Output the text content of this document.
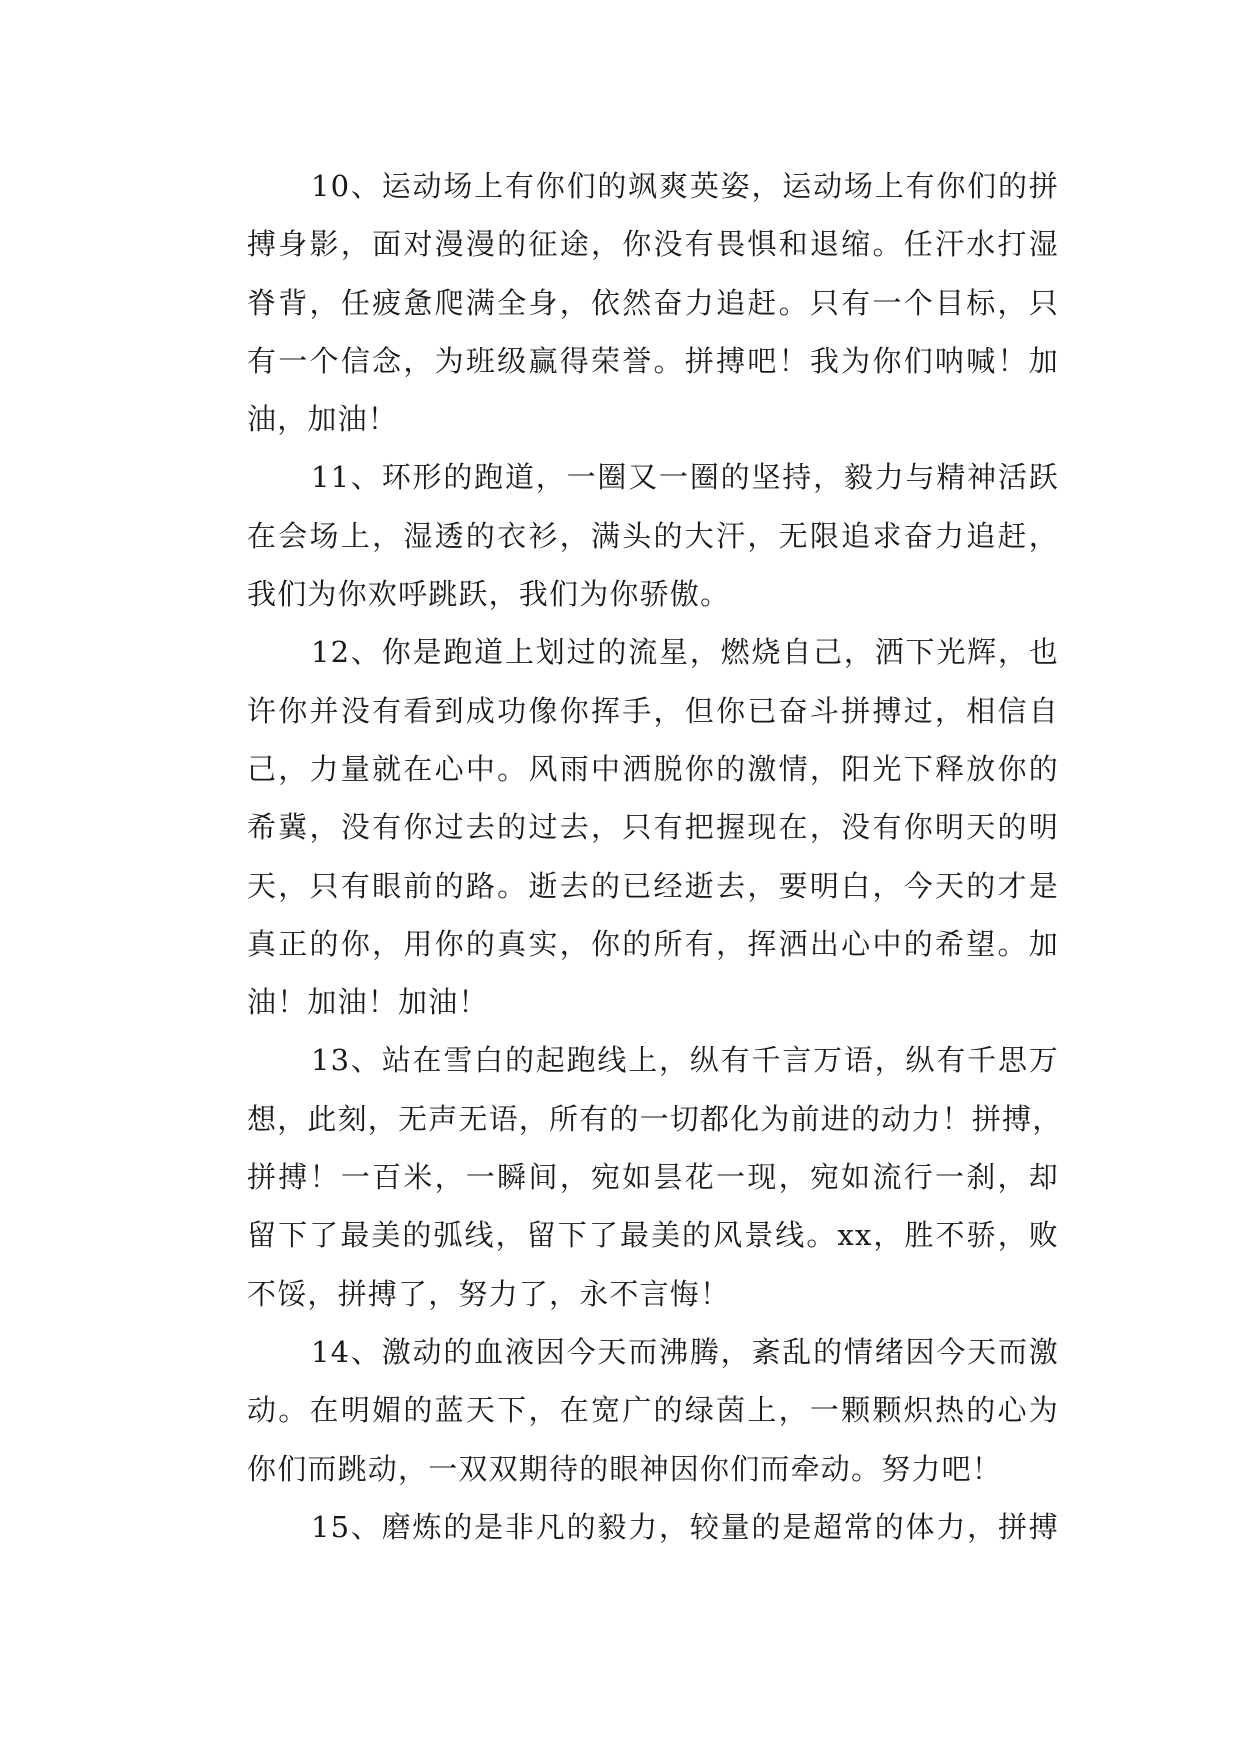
10、运动场上有你们的飒爽英姿，运动场上有你们的拼
搏身影，面对漫漫的征途，你没有畏惧和退缩。任汗水打湿
脊背，任疲惫爬满全身，依然奋力追赶。只有一个目标，只
有一个信念，为班级赢得荣誉。拼搏吧！我为你们呐喊！加
油，加油！
11、环形的跑道，一圈又一圈的坚持，毅力与精神活跃
在会场上，湿透的衣衫，满头的大汗，无限追求奋力追赶，
我们为你欢呼跳跃，我们为你骄傲。
12、你是跑道上划过的流星，燃烧自己，洒下光辉，也
许你并没有看到成功像你挥手，但你已奋斗拼搏过，相信自
己，力量就在心中。风雨中洒脱你的激情，阳光下释放你的
希冀，没有你过去的过去，只有把握现在，没有你明天的明
天，只有眼前的路。逝去的已经逝去，要明白，今天的才是
真正的你，用你的真实，你的所有，挥洒出心中的希望。加
油！加油！加油！
13、站在雪白的起跑线上，纵有千言万语，纵有千思万
想，此刻，无声无语，所有的一切都化为前进的动力！拼搏，
拼搏！一百米，一瞬间，宛如昙花一现，宛如流行一刹，却
留下了最美的弧线，留下了最美的风景线。xx，胜不骄，败
不馁，拼搏了，努力了，永不言悔！
14、激动的血液因今天而沸腾，紊乱的情绪因今天而激
动。在明媚的蓝天下，在宽广的绿茵上，一颗颗炽热的心为
你们而跳动，一双双期待的眼神因你们而牵动。努力吧！
15、磨炼的是非凡的毅力，较量的是超常的体力，拼搏
